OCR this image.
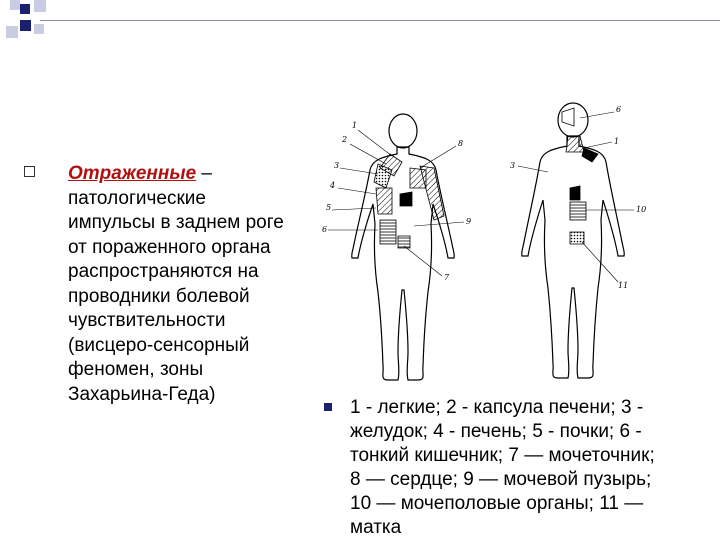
Отраженные –
патологические
импульсы в заднем роге
от пораженного органа
распространяются на
проводники болевой
чувствительности
(висцеро-сенсорный
феномен, зоны
Захарьина-Геда)
1
2	8
3
4
5
9
6
7
6
1
3
10
11
1 - легкие; 2 - капсула печени; 3 -
желудок; 4 - печень; 5 - почки; 6 -
тонкий кишечник; 7 — мочеточник;
8 — сердце; 9 — мочевой пузырь;
10 — мочеполовые органы; 11 —
матка
